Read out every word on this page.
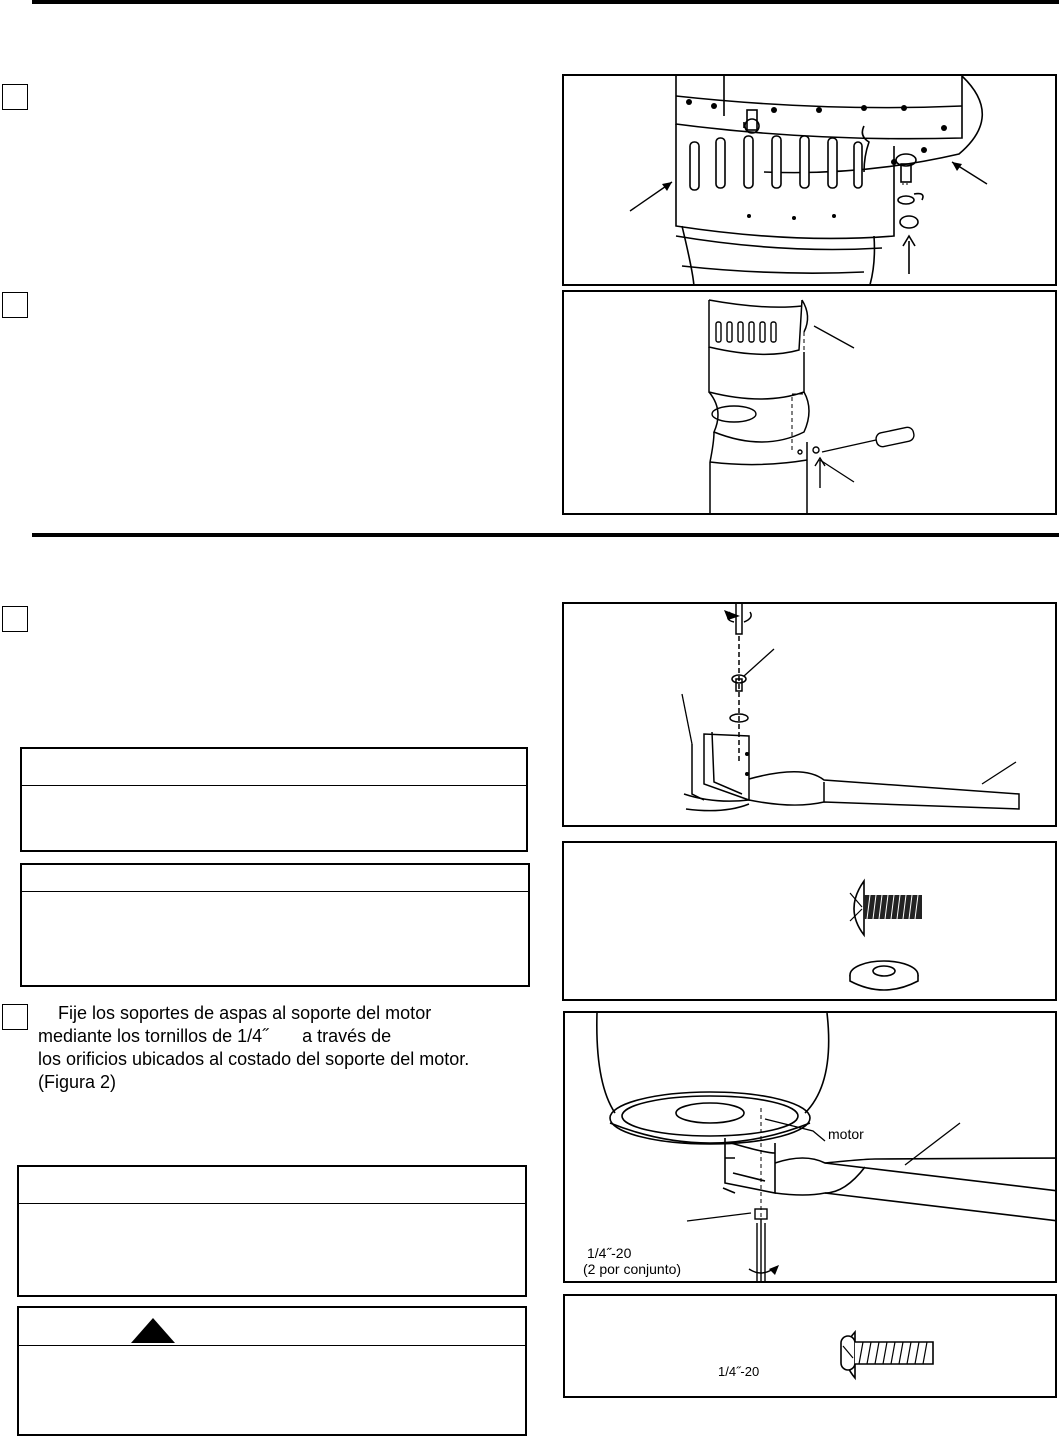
Fije los soportes de aspas al soporte del motor
mediante los tornillos de 1/4˝ a través de
los orificios ubicados al costado del soporte del motor.
(Figura 2)
motor
1/4˝-20
(2 por conjunto)
1/4˝-20
